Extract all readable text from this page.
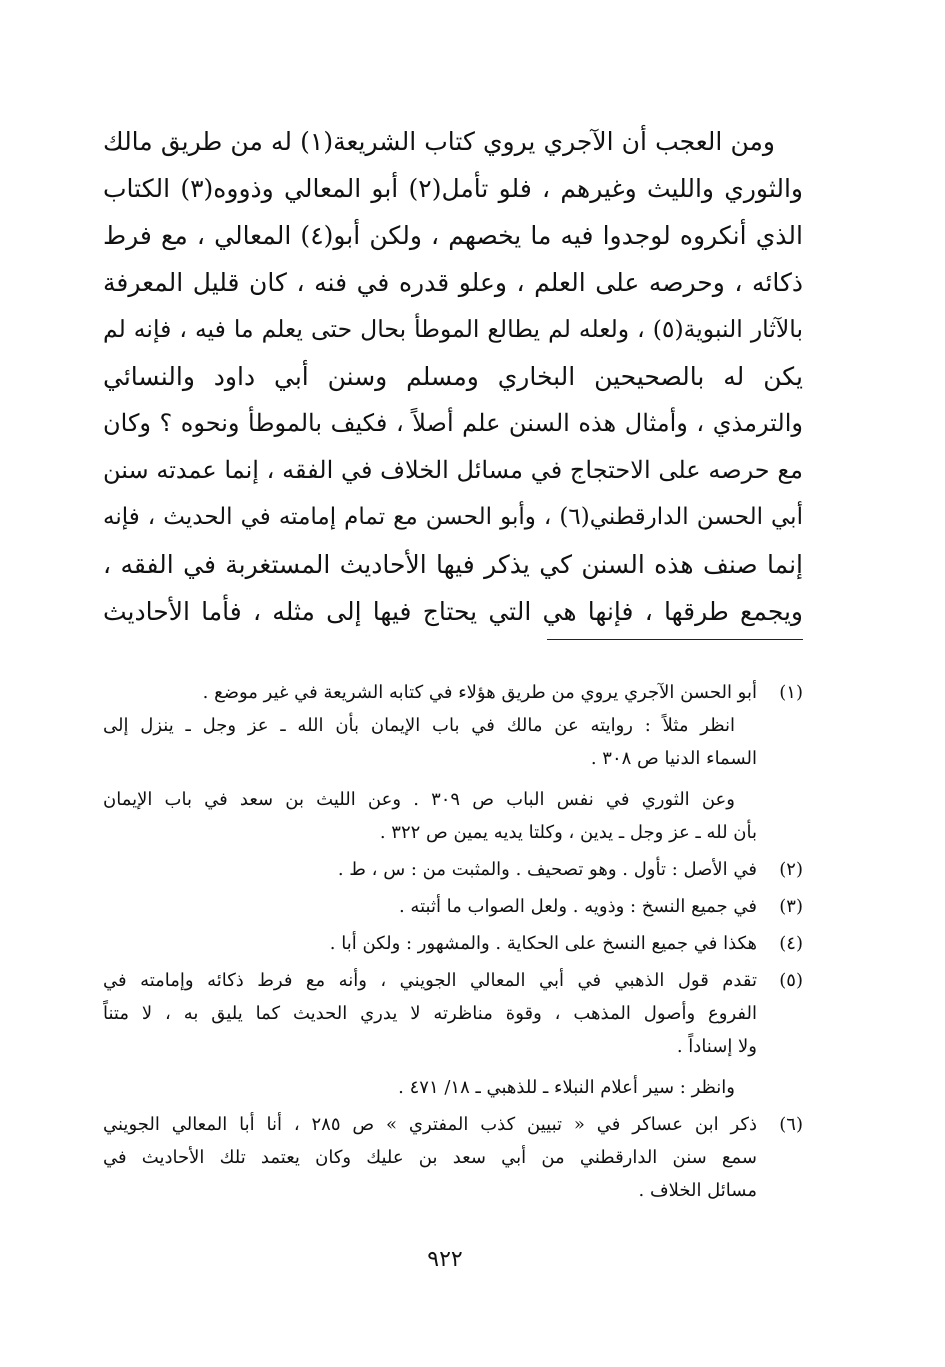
ومن العجب أن الآجري يروي كتاب الشريعة(١) له من طريق مالك
والثوري والليث وغيرهم ، فلو تأمل(٢) أبو المعالي وذووه(٣) الكتاب
الذي أنكروه لوجدوا فيه ما يخصهم ، ولكن أبو(٤) المعالي ، مع فرط
ذكائه ، وحرصه على العلم ، وعلو قدره في فنه ، كان قليل المعرفة
بالآثار النبوية(٥) ، ولعله لم يطالع الموطأ بحال حتى يعلم ما فيه ، فإنه لم
يكن له بالصحيحين البخاري ومسلم وسنن أبي داود والنسائي
والترمذي ، وأمثال هذه السنن علم أصلاً ، فكيف بالموطأ ونحوه ؟ وكان
مع حرصه على الاحتجاج في مسائل الخلاف في الفقه ، إنما عمدته سنن
أبي الحسن الدارقطني(٦) ، وأبو الحسن مع تمام إمامته في الحديث ، فإنه
إنما صنف هذه السنن كي يذكر فيها الأحاديث المستغربة في الفقه ،
ويجمع طرقها ، فإنها هي التي يحتاج فيها إلى مثله ، فأما الأحاديث
(١)
أبو الحسن الآجري يروي من طريق هؤلاء في كتابه الشريعة في غير موضع .
انظر مثلاً : روايته عن مالك في باب الإيمان بأن الله ـ عز وجل ـ ينزل إلى
السماء الدنيا ص ٣٠٨ .
وعن الثوري في نفس الباب ص ٣٠٩ . وعن الليث بن سعد في باب الإيمان
بأن لله ـ عز وجل ـ يدين ، وكلتا يديه يمين ص ٣٢٢ .
(٢)
في الأصل : تأول . وهو تصحيف . والمثبت من : س ، ط .
(٣)
في جميع النسخ : وذويه . ولعل الصواب ما أثبته .
(٤)
هكذا في جميع النسخ على الحكاية . والمشهور : ولكن أبا .
(٥)
تقدم قول الذهبي في أبي المعالي الجويني ، وأنه مع فرط ذكائه وإمامته في
الفروع وأصول المذهب ، وقوة مناظرته لا يدري الحديث كما يليق به ، لا متناً
ولا إسناداً .
وانظر : سير أعلام النبلاء ـ للذهبي ـ ١٨/ ٤٧١ .
(٦)
ذكر ابن عساكر في « تبيين كذب المفتري » ص ٢٨٥ ، أنا أبا المعالي الجويني
سمع سنن الدارقطني من أبي سعد بن عليك وكان يعتمد تلك الأحاديث في
مسائل الخلاف .
٩٢٢
